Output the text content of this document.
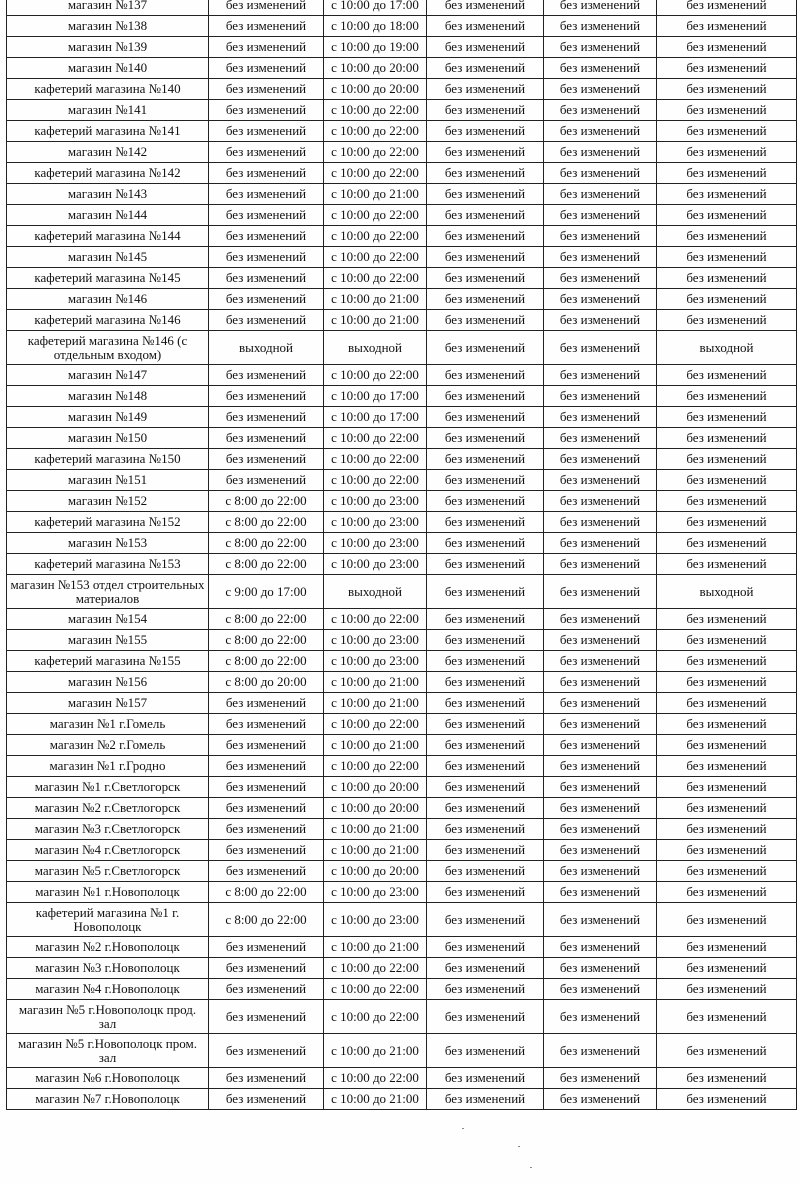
магазин №137	без изменений	с 10:00 до 17:00	без изменений	без изменений	без изменений
магазин №138	без изменений	с 10:00 до 18:00	без изменений	без изменений	без изменений
магазин №139	без изменений	с 10:00 до 19:00	без изменений	без изменений	без изменений
магазин №140	без изменений	с 10:00 до 20:00	без изменений	без изменений	без изменений
кафетерий магазина №140	без изменений	с 10:00 до 20:00	без изменений	без изменений	без изменений
магазин №141	без изменений	с 10:00 до 22:00	без изменений	без изменений	без изменений
кафетерий магазина №141	без изменений	с 10:00 до 22:00	без изменений	без изменений	без изменений
магазин №142	без изменений	с 10:00 до 22:00	без изменений	без изменений	без изменений
кафетерий магазина №142	без изменений	с 10:00 до 22:00	без изменений	без изменений	без изменений
магазин №143	без изменений	с 10:00 до 21:00	без изменений	без изменений	без изменений
магазин №144	без изменений	с 10:00 до 22:00	без изменений	без изменений	без изменений
кафетерий магазина №144	без изменений	с 10:00 до 22:00	без изменений	без изменений	без изменений
магазин №145	без изменений	с 10:00 до 22:00	без изменений	без изменений	без изменений
кафетерий магазина №145	без изменений	с 10:00 до 22:00	без изменений	без изменений	без изменений
магазин №146	без изменений	с 10:00 до 21:00	без изменений	без изменений	без изменений
кафетерий магазина №146	без изменений	с 10:00 до 21:00	без изменений	без изменений	без изменений
кафетерий магазина №146 (с отдельным входом)	выходной	выходной	без изменений	без изменений	выходной
магазин №147	без изменений	с 10:00 до 22:00	без изменений	без изменений	без изменений
магазин №148	без изменений	с 10:00 до 17:00	без изменений	без изменений	без изменений
магазин №149	без изменений	с 10:00 до 17:00	без изменений	без изменений	без изменений
магазин №150	без изменений	с 10:00 до 22:00	без изменений	без изменений	без изменений
кафетерий магазина №150	без изменений	с 10:00 до 22:00	без изменений	без изменений	без изменений
магазин №151	без изменений	с 10:00 до 22:00	без изменений	без изменений	без изменений
магазин №152	с 8:00 до 22:00	с 10:00 до 23:00	без изменений	без изменений	без изменений
кафетерий магазина №152	с 8:00 до 22:00	с 10:00 до 23:00	без изменений	без изменений	без изменений
магазин №153	с 8:00 до 22:00	с 10:00 до 23:00	без изменений	без изменений	без изменений
кафетерий магазина №153	с 8:00 до 22:00	с 10:00 до 23:00	без изменений	без изменений	без изменений
магазин №153 отдел строительных материалов	с 9:00 до 17:00	выходной	без изменений	без изменений	выходной
магазин №154	с 8:00 до 22:00	с 10:00 до 22:00	без изменений	без изменений	без изменений
магазин №155	с 8:00 до 22:00	с 10:00 до 23:00	без изменений	без изменений	без изменений
кафетерий магазина №155	с 8:00 до 22:00	с 10:00 до 23:00	без изменений	без изменений	без изменений
магазин №156	с 8:00 до 20:00	с 10:00 до 21:00	без изменений	без изменений	без изменений
магазин №157	без изменений	с 10:00 до 21:00	без изменений	без изменений	без изменений
магазин №1 г.Гомель	без изменений	с 10:00 до 22:00	без изменений	без изменений	без изменений
магазин №2 г.Гомель	без изменений	с 10:00 до 21:00	без изменений	без изменений	без изменений
магазин №1 г.Гродно	без изменений	с 10:00 до 22:00	без изменений	без изменений	без изменений
магазин №1 г.Светлогорск	без изменений	с 10:00 до 20:00	без изменений	без изменений	без изменений
магазин №2 г.Светлогорск	без изменений	с 10:00 до 20:00	без изменений	без изменений	без изменений
магазин №3 г.Светлогорск	без изменений	с 10:00 до 21:00	без изменений	без изменений	без изменений
магазин №4 г.Светлогорск	без изменений	с 10:00 до 21:00	без изменений	без изменений	без изменений
магазин №5 г.Светлогорск	без изменений	с 10:00 до 20:00	без изменений	без изменений	без изменений
магазин №1 г.Новополоцк	с 8:00 до 22:00	с 10:00 до 23:00	без изменений	без изменений	без изменений
кафетерий магазина №1 г. Новополоцк	с 8:00 до 22:00	с 10:00 до 23:00	без изменений	без изменений	без изменений
магазин №2 г.Новополоцк	без изменений	с 10:00 до 21:00	без изменений	без изменений	без изменений
магазин №3 г.Новополоцк	без изменений	с 10:00 до 22:00	без изменений	без изменений	без изменений
магазин №4 г.Новополоцк	без изменений	с 10:00 до 22:00	без изменений	без изменений	без изменений
магазин №5 г.Новополоцк прод. зал	без изменений	с 10:00 до 22:00	без изменений	без изменений	без изменений
магазин №5 г.Новополоцк пром. зал	без изменений	с 10:00 до 21:00	без изменений	без изменений	без изменений
магазин №6 г.Новополоцк	без изменений	с 10:00 до 22:00	без изменений	без изменений	без изменений
магазин №7 г.Новополоцк	без изменений	с 10:00 до 21:00	без изменений	без изменений	без изменений
